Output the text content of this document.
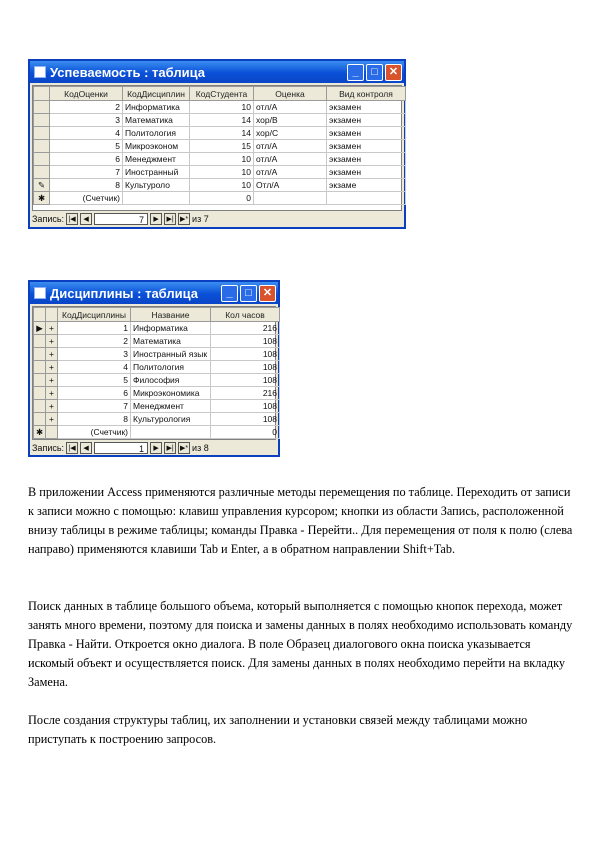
Успеваемость : таблица	_	□	✕
	КодОценки	КодДисциплин	КодСтудента	Оценка	Вид контроля
	2	Информатика	10	отл/А	экзамен
	3	Математика	14	хор/В	экзамен
	4	Политология	14	хор/С	экзамен
	5	Микроэконом	15	отл/А	экзамен
	6	Менеджмент	10	отл/А	экзамен
	7	Иностранный	10	отл/А	экзамен
✎	8	Культуроло	10	Отл/А	экзаме
✱	(Счетчик)		0		
Запись: |◀	◀	7	▶	▶| ▶* из 7
Дисциплины : таблица	_	□	✕
		КодДисциплины	Название	Кол часов
▶	+	1	Информатика	216
	+	2	Математика	108
	+	3	Иностранный язык	108
	+	4	Политология	108
	+	5	Философия	108
	+	6	Микроэкономика	216
	+	7	Менеджмент	108
	+	8	Культурология	108
✱		(Счетчик)		0
Запись: |◀	◀	1	▶	▶| ▶* из 8

В приложении Access применяются различные методы перемещения по таблице. Переходить от записи к записи можно с помощью: клавиш управления курсором; кнопки из области Запись, расположенной внизу таблицы в режиме таблицы; команды Правка - Перейти.. Для перемещения от поля к полю (слева направо) применяются клавиши Tab и Enter, а в обратном направлении Shift+Tab.

Поиск данных в таблице большого объема, который выполняется с помощью кнопок перехода, может занять много времени, поэтому для поиска и замены данных в полях необходимо использовать команду Правка - Найти. Откроется окно диалога. В поле Образец диалогового окна поиска указывается искомый объект и осуществляется поиск. Для замены данных в полях необходимо перейти на вкладку Замена.

После создания структуры таблиц, их заполнении и установки связей между таблицами можно приступать к построению запросов.
